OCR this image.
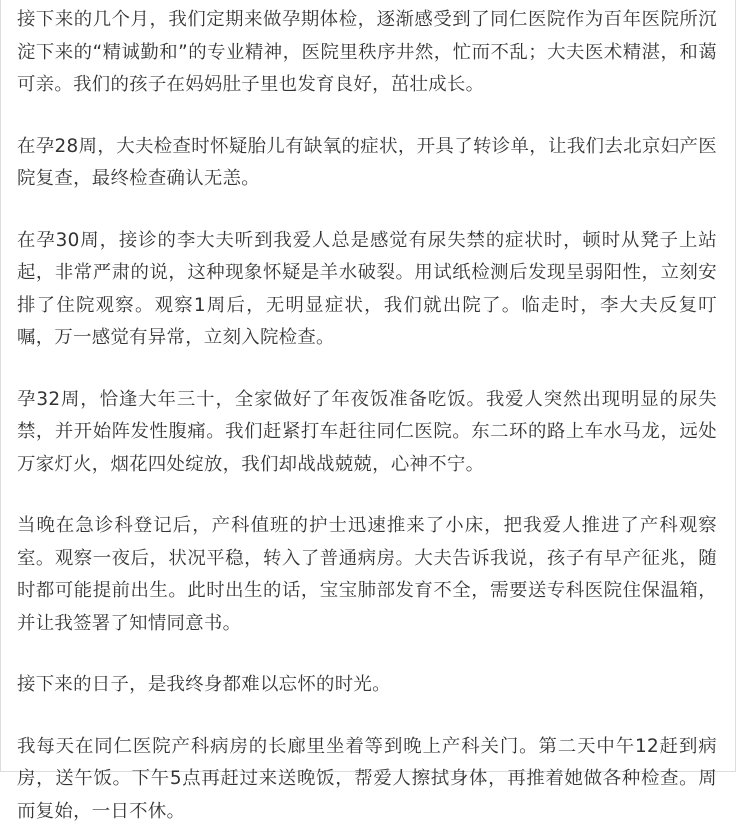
接下来的几个月，我们定期来做孕期体检，逐渐感受到了同仁医院作为百年医院所沉淀下来的“精诚勤和”的专业精神，医院里秩序井然，忙而不乱；大夫医术精湛，和蔼可亲。我们的孩子在妈妈肚子里也发育良好，茁壮成长。

在孕28周，大夫检查时怀疑胎儿有缺氧的症状，开具了转诊单，让我们去北京妇产医院复查，最终检查确认无恙。

在孕30周，接诊的李大夫听到我爱人总是感觉有尿失禁的症状时，顿时从凳子上站起，非常严肃的说，这种现象怀疑是羊水破裂。用试纸检测后发现呈弱阳性，立刻安排了住院观察。观察1周后，无明显症状，我们就出院了。临走时，李大夫反复叮嘱，万一感觉有异常，立刻入院检查。

孕32周，恰逢大年三十，全家做好了年夜饭准备吃饭。我爱人突然出现明显的尿失禁，并开始阵发性腹痛。我们赶紧打车赶往同仁医院。东二环的路上车水马龙，远处万家灯火，烟花四处绽放，我们却战战兢兢，心神不宁。

当晚在急诊科登记后，产科值班的护士迅速推来了小床，把我爱人推进了产科观察室。观察一夜后，状况平稳，转入了普通病房。大夫告诉我说，孩子有早产征兆，随时都可能提前出生。此时出生的话，宝宝肺部发育不全，需要送专科医院住保温箱，并让我签署了知情同意书。

接下来的日子，是我终身都难以忘怀的时光。

我每天在同仁医院产科病房的长廊里坐着等到晚上产科关门。第二天中午12赶到病房，送午饭。下午5点再赶过来送晚饭，帮爱人擦拭身体，再推着她做各种检查。周而复始，一日不休。
